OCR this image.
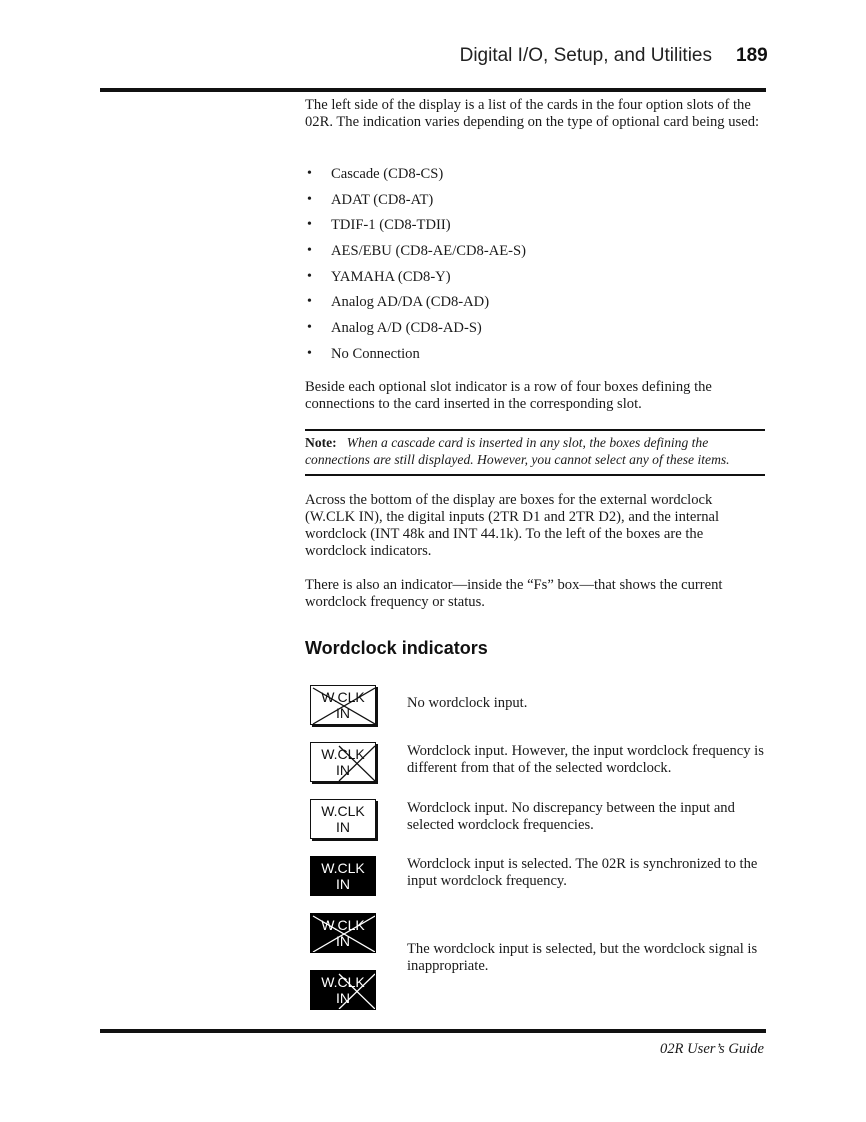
Digital I/O, Setup, and Utilities 189
The left side of the display is a list of the cards in the four option slots of the 02R. The indication varies depending on the type of optional card being used:
• Cascade (CD8-CS)
• ADAT (CD8-AT)
• TDIF-1 (CD8-TDII)
• AES/EBU (CD8-AE/CD8-AE-S)
• YAMAHA (CD8-Y)
• Analog AD/DA (CD8-AD)
• Analog A/D (CD8-AD-S)
• No Connection
Beside each optional slot indicator is a row of four boxes defining the connections to the card inserted in the corresponding slot.
Note: When a cascade card is inserted in any slot, the boxes defining the connections are still displayed. However, you cannot select any of these items.
Across the bottom of the display are boxes for the external wordclock (W.CLK IN), the digital inputs (2TR D1 and 2TR D2), and the internal wordclock (INT 48k and INT 44.1k). To the left of the boxes are the wordclock indicators.
There is also an indicator—inside the “Fs” box—that shows the current wordclock frequency or status.
Wordclock indicators
W.CLK
IN
No wordclock input.
W.CLK
IN
Wordclock input. However, the input wordclock frequency is different from that of the selected wordclock.
W.CLK
IN
Wordclock input. No discrepancy between the input and selected wordclock frequencies.
W.CLK
IN
Wordclock input is selected. The 02R is synchronized to the input wordclock frequency.
W.CLK
IN	The wordclock input is selected, but the wordclock signal is inappropriate.
W.CLK
IN
02R User’s Guide
